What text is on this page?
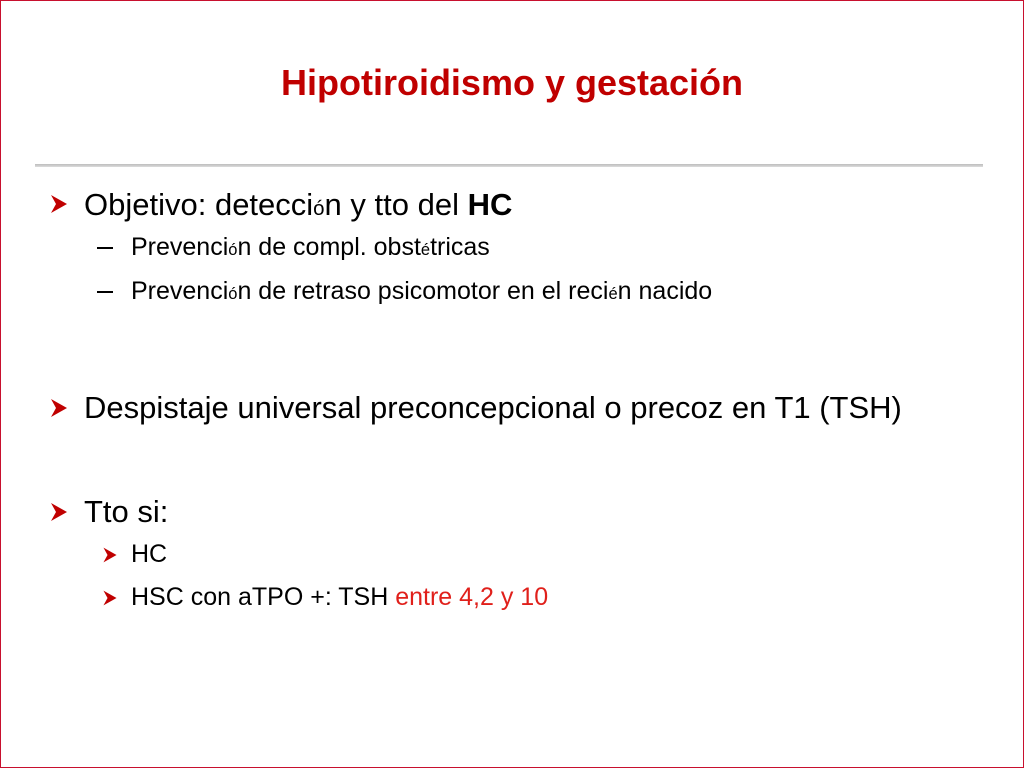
Hipotiroidismo y gestación
Objetivo: detección y tto del HC
Prevención de compl. obstétricas
Prevención de retraso psicomotor en el recién nacido
Despistaje universal preconcepcional o precoz en T1 (TSH)
Tto si:
HC
HSC con aTPO +: TSH entre 4,2 y 10
